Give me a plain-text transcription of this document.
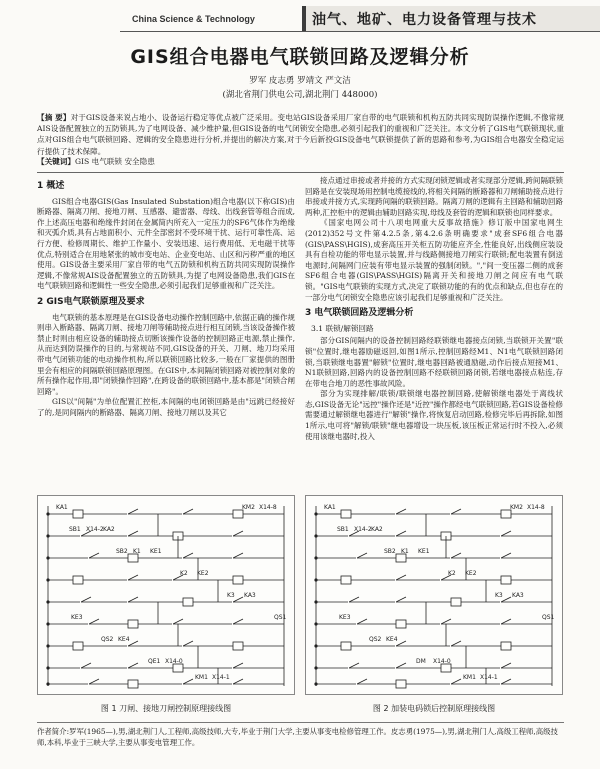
China Science & Technology	油气、地矿、电力设备管理与技术
GIS组合电器电气联锁回路及逻辑分析
罗军 皮志勇 罗靖文 严文洁
(湖北省荆门供电公司,湖北荆门 448000)
【摘 要】对于GIS设备来说占地小、设备运行稳定等优点被广泛采用。变电站GIS设备采用厂家自带的电气联锁和机构五防共同实现防误操作逻辑,不像常规AIS设备配置独立的五防锁具,为了电网设备、减少维护量,但GIS设备的电气闭锁安全隐患,必须引起我们的重视和广泛关注。本文分析了GIS电气联锁现状,重点对GIS组合电气联锁回路、逻辑的安全隐患进行分析,并提出的解决方案,对于今后新投GIS设备电气联锁提供了新的思路和参考,为GIS组合电器安全稳定运行提供了技术保障。
【关键词】GIS 电气联锁 安全隐患
1 概述

GIS组合电器GIS(Gas Insulated Substation)组合电器(以下称GIS)由断路器、隔离刀闸、接地刀闸、互感器、避雷器、母线、出线套管等组合而成,作上述高压电器和绝缘件封闭在金属简内所充入一定压力的SF6气体作为绝缘和灭弧介质,具有占地面积小、元件全部密封不受环境干扰、运行可靠性高、运行方便、检修周期长、维护工作量小、安装迅速、运行费用低、无电磁干扰等优点,特别适合在用地紧张的城市变电站、企业变电站、山区和污秽严重的地区使用。GIS设备主要采用厂家自带的电气五防锁和机构五防共同实现防误操作逻辑,不像常规AIS设备配置独立的五防锁具,为提了电网设备隐患,我们GIS在电气联锁回路和逻辑性一些安全隐患,必须引起我们足够重视和广泛关注。

2 GIS电气联锁原理及要求

电气联锁的基本原理是在GIS设备电动操作控制回路中,依据正确的操作规则串入断路器、隔离刀闸、接地刀闸等辅助接点进行相互闭锁,当该设备操作被禁止时则由相应设备的辅助接点切断该操作设备的控制回路正电源,禁止操作,从而达到防误操作的目的,与常规站不同,GIS设备的开关、刀闸、地刀均采用带电气闭锁功能的电动操作机构,所以联锁回路比较多,一般在厂家提供的图册里会有相应的间隔联锁回路原理图。在GIS中,本间隔闭锁回路对被控制对象的所有操作起作用,即"闭锁操作回路",在跨设备的联锁回路中,基本都是"闭锁合闸回路"。

GIS以"间隔"为单位配置汇控柜,本间隔的电闭锁回路是由"远跳已经接好了的,是同间隔内的断路器、隔离刀闸、接地刀闸以及其它

接点通过串接或者并接的方式实现闭锁逻辑或者实现部分逻辑,跨间隔联锁回路是在安装现场用控制电缆接线的,将相关间隔的断路器和刀闸辅助接点进行串接或并接方式,实现跨间隔的联锁回路。隔离刀闸的逻辑有主回路和辅助回路两种,汇控柜中的逻辑由辅助回路实现,母线及套管的逻辑和联锁也同样要求。

《国家电网公司十八项电网重大反事故措施》修订版中国家电网生(2012)352号文件第4.2.5条,第4.2.6条明确要求"成套SF6组合电器(GIS\PASS\HGIS),成套高压开关柜五防功能应齐全,性能良好,出线侧应装设具有自检功能的带电显示装置,并与线路侧接地刀闸实行联锁;配电装置有倒送电源时,间隔网门应装有带电显示装置的强制闭锁。","间一变压器二侧的成套SF6组合电器(GIS\PASS\HGIS)隔离开关和接地刀闸之间应有电气联锁。"GIS电气联锁的实现方式,决定了联锁功能的有的优点和缺点,但也存在的一部分电气闭锁安全隐患应该引起我们足够重视和广泛关注。

3 电气联锁回路及逻辑分析
3.1 联锁/解锁回路

部分GIS间隔内的设备控制回路经联锁继电器接点闭锁,当联锁开关置"联锁"位置时,继电器励磁返回,如图1所示,控制回路经M1、N1电气联锁回路闭锁,当联锁继电器置"解锁"位置时,继电器回路被通励磁,动作后接点短接M1、N1联锁回路,回路内的设备控制回路不经联锁回路闭锁,若继电器接点粘连,存在带电合地刀的恶性事故风险。

部分为实现排解/联锁/联锁继电器控制回路,使解锁继电器处于离线状态,GIS设备无论"远控"操作还是"近控"操作都经电气联锁回路,若GIS设备检修需要通过解锁继电器进行"解锁"操作,将恢复启动回路,检修完毕后再拆除,如图1所示,电可将"解锁/联锁"继电器增设一块压板,该压板正常运行时不投入,必须使用该继电器时,投入

KA1
KA2
KE1
KE2
KA3
KE3
KE4
X14-0
X14-1
X14-8
X14-2
K1
K2
K3
QS1
QS2
QE1
KM1
KM2
SB1
SB2
KA1
KA2
KE1
KE2
KA3
KE3
KE4
X14-0
X14-1
X14-8
X14-2
K1
K2
K3
QS1
QS2
DM
KM1
KM2
SB1
SB2
图 1 刀闸、接地刀闸控制原理接线图	图 2 加装电码锁后控制原理接线图
作者简介:罗军(1965—),男,湖北荆门人,工程师,高级技师,大专,毕业于荆门大学,主要从事变电检修管理工作。皮志勇(1975—),男,湖北荆门人,高级工程师,高级技师,本科,毕业于三峡大学,主要从事变电管理工作。
